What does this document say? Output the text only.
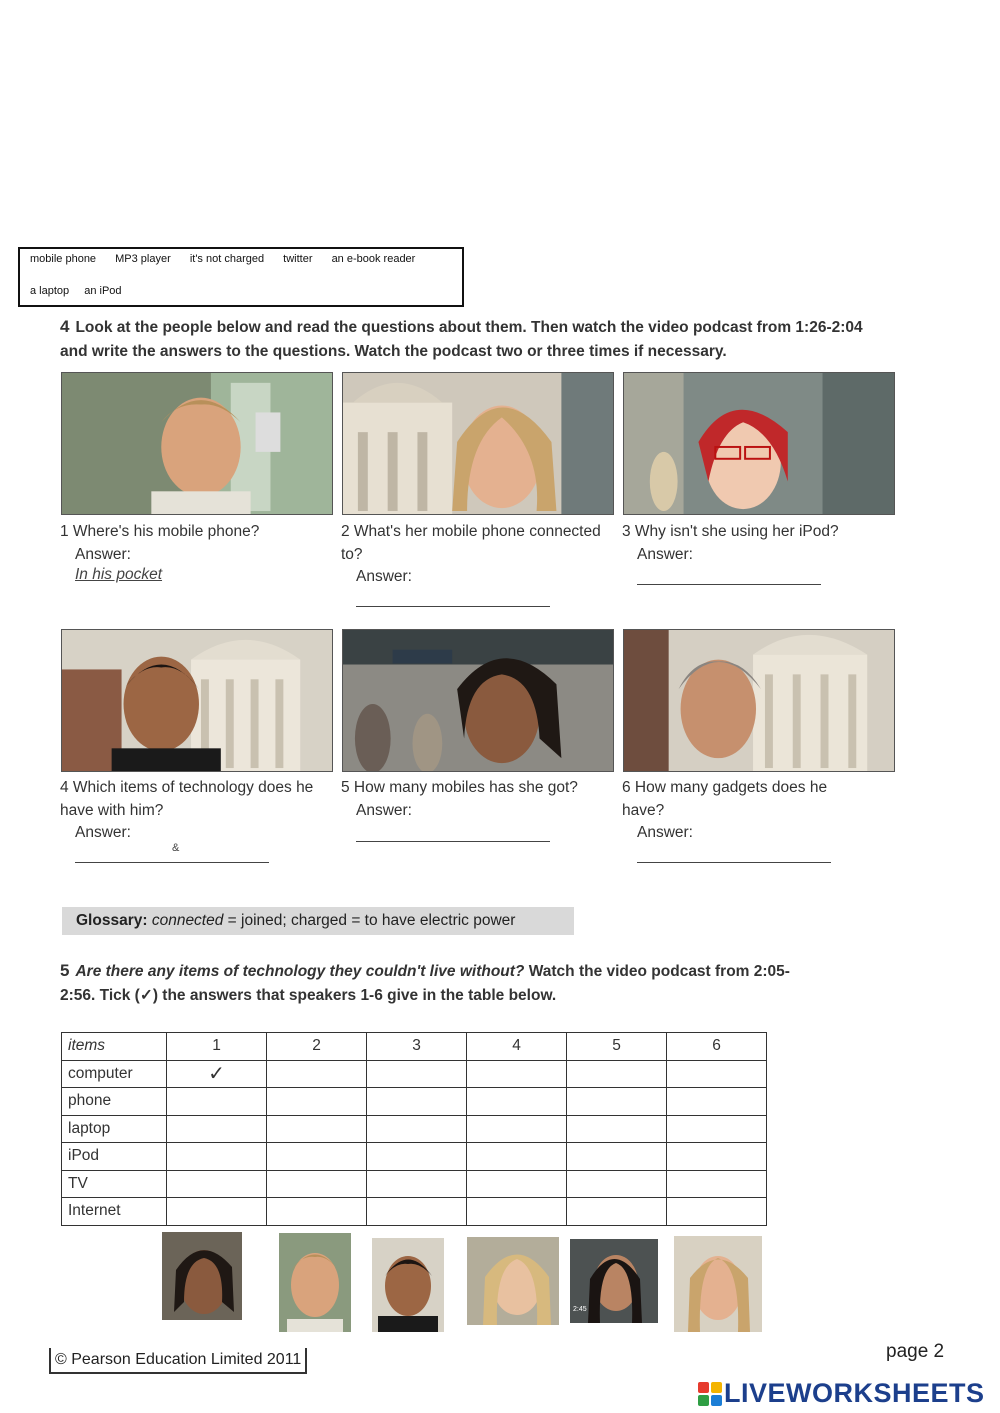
mobile phone MP3 player it's not charged twitter an e-book reader
a laptop an iPod
4 Look at the people below and read the questions about them. Then watch the video podcast from 1:26-2:04 and write the answers to the questions. Watch the podcast two or three times if necessary.
1 Where's his mobile phone?
Answer:
In his pocket
2 What's her mobile phone connected to?
Answer:
3 Why isn't she using her iPod?
Answer:
4 Which items of technology does he have with him?
Answer:
&
5 How many mobiles has she got?
Answer:
6 How many gadgets does he have?
Answer:
Glossary: connected = joined; charged = to have electric power
5 Are there any items of technology they couldn't live without? Watch the video podcast from 2:05-
2:56. Tick (✓) the answers that speakers 1-6 give in the table below.
items	1	2	3	4	5	6
computer	✓					
phone						
laptop						
iPod						
TV						
Internet						
2:45
© Pearson Education Limited 2011	page 2
LIVEWORKSHEETS
